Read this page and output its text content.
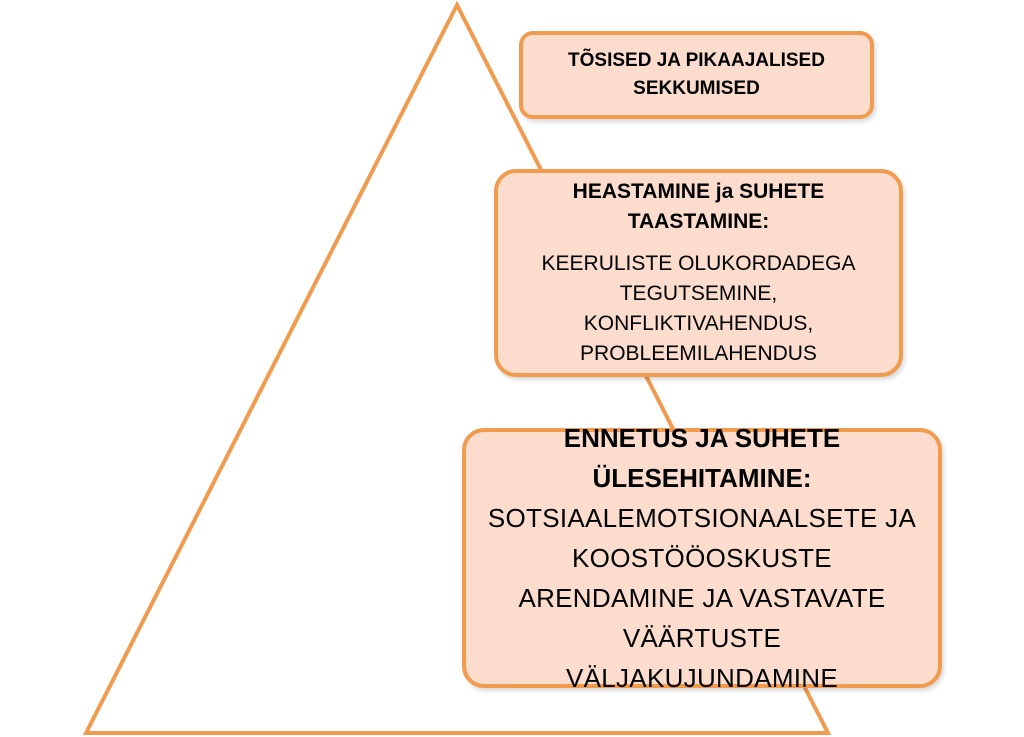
TÕSISED JA PIKAAJALISED SEKKUMISED
HEASTAMINE ja SUHETE TAASTAMINE:
KEERULISTE OLUKORDADEGA TEGUTSEMINE, KONFLIKTIVAHENDUS, PROBLEEMILAHENDUS
ENNETUS JA SUHETE ÜLESEHITAMINE:
SOTSIAALEMOTSIONAALSETE JA KOOSTÖÖOSKUSTE ARENDAMINE JA VASTAVATE VÄÄRTUSTE VÄLJAKUJUNDAMINE
